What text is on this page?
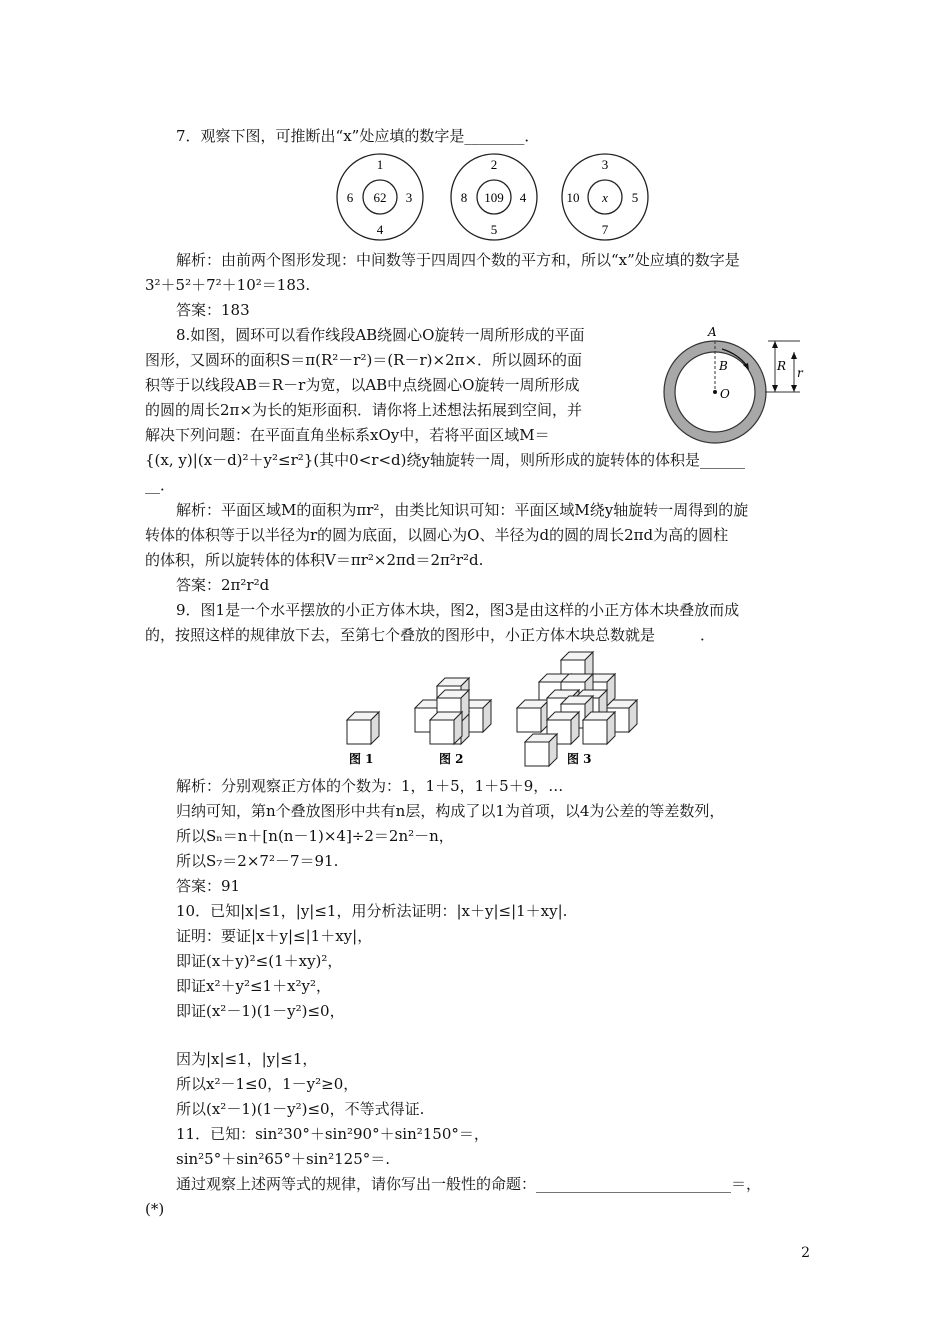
7．观察下图，可推断出“x”处应填的数字是________．
1
6 62 3
4
2
8 109 4
5
3
10 x 5
7
解析：由前两个图形发现：中间数等于四周四个数的平方和，所以“x”处应填的数字是
3²＋5²＋7²＋10²＝183.
答案：183
8.如图，圆环可以看作线段AB绕圆心O旋转一周所形成的平面
图形，又圆环的面积S＝π(R²－r²)＝(R－r)×2π×．所以圆环的面
积等于以线段AB＝R－r为宽，以AB中点绕圆心O旋转一周所形成
的圆的周长2π×为长的矩形面积．请你将上述想法拓展到空间，并
解决下列问题：在平面直角坐标系xOy中，若将平面区域M＝
{(x, y)|(x－d)²＋y²≤r²}(其中0<r<d)绕y轴旋转一周，则所形成的旋转体的体积是______
__．
A
B
O
R r
解析：平面区域M的面积为πr²，由类比知识可知：平面区域M绕y轴旋转一周得到的旋
转体的体积等于以半径为r的圆为底面，以圆心为O、半径为d的圆的周长2πd为高的圆柱
的体积，所以旋转体的体积V＝πr²×2πd＝2π²r²d.
答案：2π²r²d
9．图1是一个水平摆放的小正方体木块，图2，图3是由这样的小正方体木块叠放而成
的，按照这样的规律放下去，至第七个叠放的图形中，小正方体木块总数就是　　　．
图 1	图 2	图 3
解析：分别观察正方体的个数为：1，1＋5，1＋5＋9，…
归纳可知，第n个叠放图形中共有n层，构成了以1为首项，以4为公差的等差数列，
所以Sₙ＝n＋[n(n－1)×4]÷2＝2n²－n，
所以S₇＝2×7²－7＝91.
答案：91
10．已知|x|≤1，|y|≤1，用分析法证明：|x＋y|≤|1＋xy|.
证明：要证|x＋y|≤|1＋xy|，
即证(x＋y)²≤(1＋xy)²，
即证x²＋y²≤1＋x²y²，
即证(x²－1)(1－y²)≤0，
因为|x|≤1，|y|≤1，
所以x²－1≤0，1－y²≥0，
所以(x²－1)(1－y²)≤0，不等式得证.
11．已知：sin²30°＋sin²90°＋sin²150°＝，
sin²5°＋sin²65°＋sin²125°＝.
通过观察上述两等式的规律，请你写出一般性的命题：__________________________＝，
(*)
2
